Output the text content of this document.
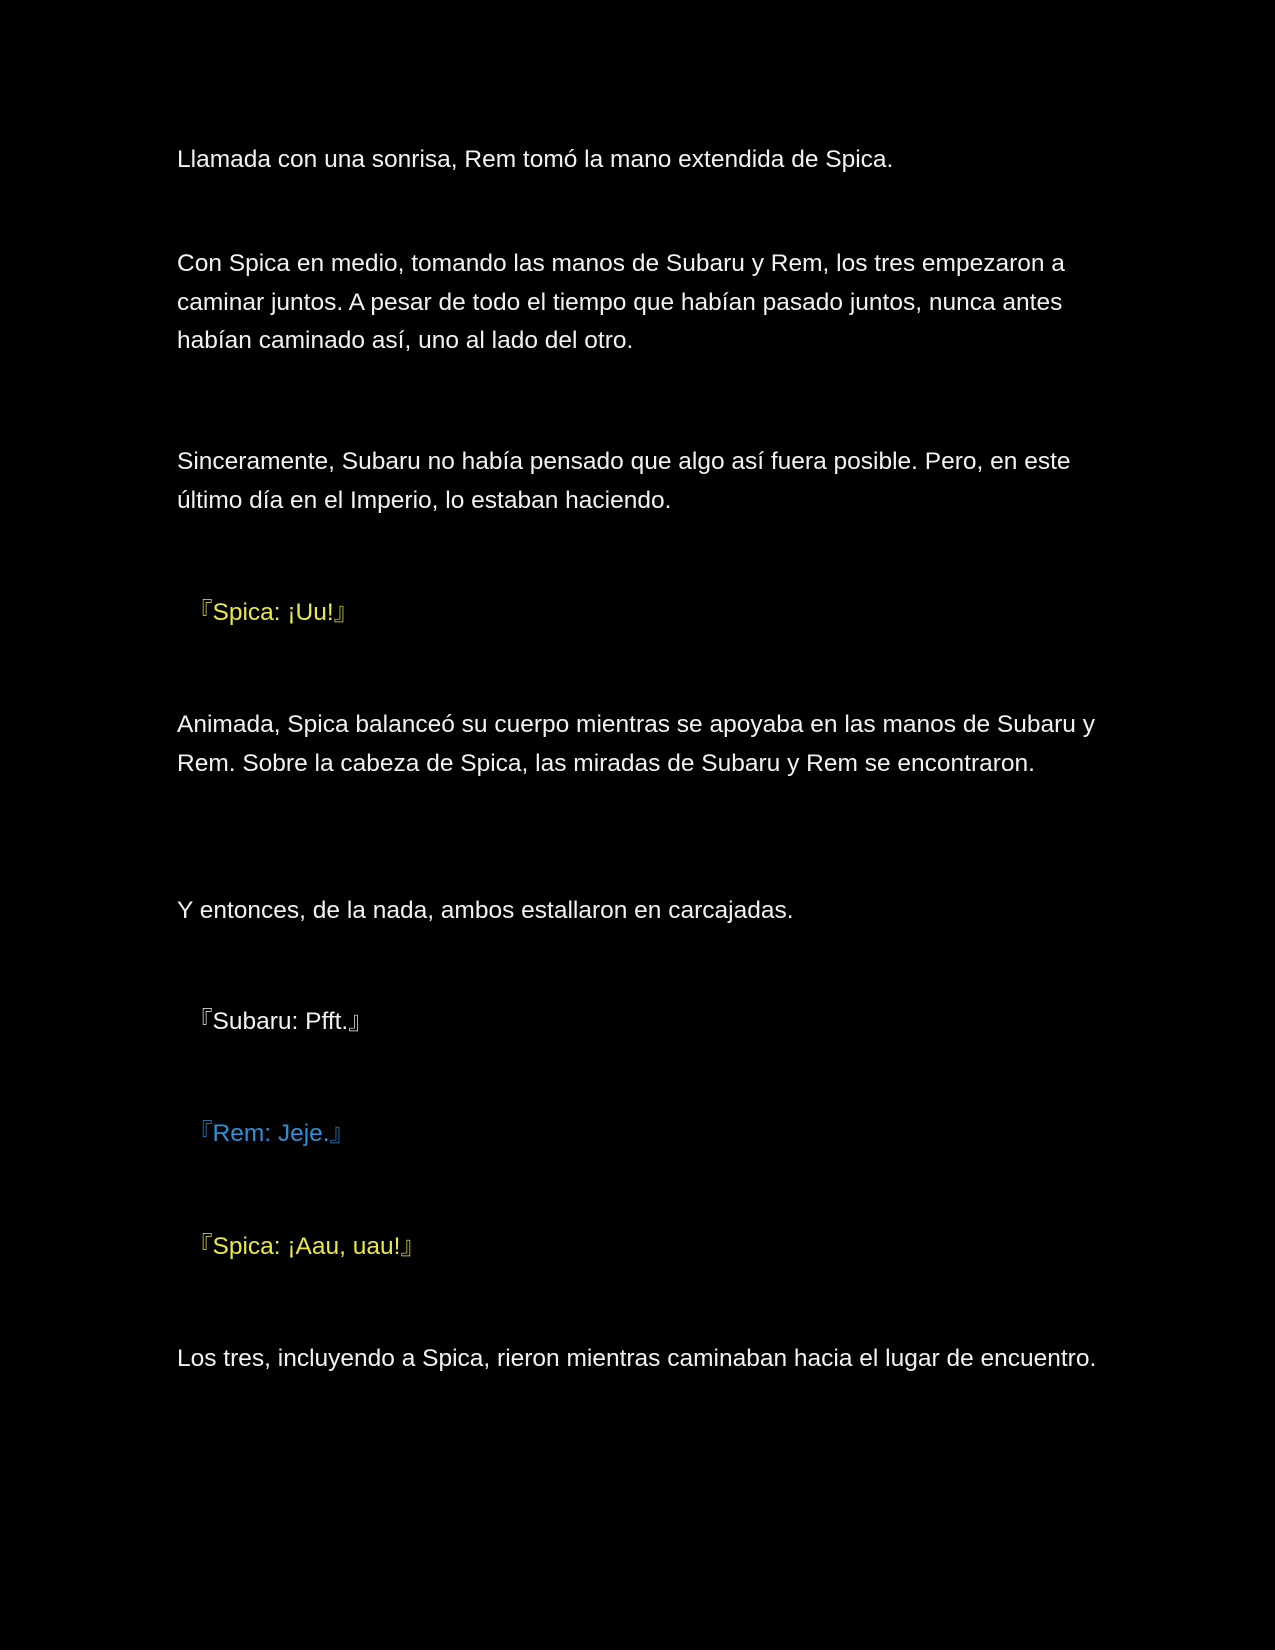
Llamada con una sonrisa, Rem tomó la mano extendida de Spica.

Con Spica en medio, tomando las manos de Subaru y Rem, los tres empezaron a caminar juntos. A pesar de todo el tiempo que habían pasado juntos, nunca antes habían caminado así, uno al lado del otro.

Sinceramente, Subaru no había pensado que algo así fuera posible. Pero, en este último día en el Imperio, lo estaban haciendo.

『Spica: ¡Uu!』

Animada, Spica balanceó su cuerpo mientras se apoyaba en las manos de Subaru y Rem. Sobre la cabeza de Spica, las miradas de Subaru y Rem se encontraron.

Y entonces, de la nada, ambos estallaron en carcajadas.

『Subaru: Pfft.』

『Rem: Jeje.』

『Spica: ¡Aau, uau!』

Los tres, incluyendo a Spica, rieron mientras caminaban hacia el lugar de encuentro.
